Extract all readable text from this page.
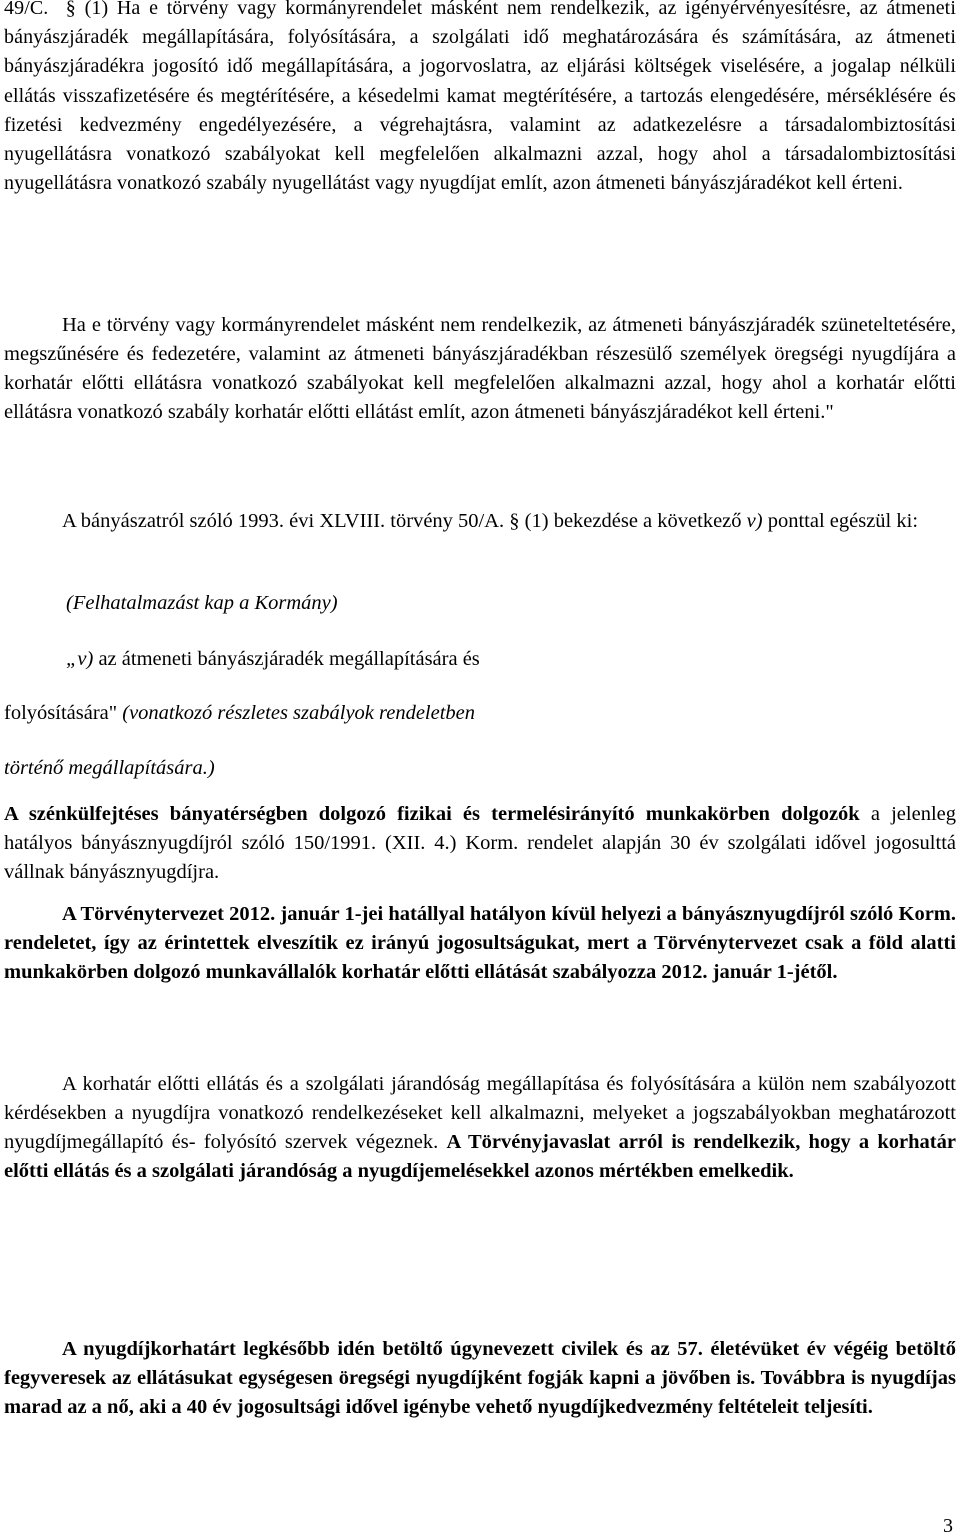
49/C.  § (1) Ha e törvény vagy kormányrendelet másként nem rendelkezik, az igényérvényesítésre, az átmeneti bányászjáradék megállapítására, folyósítására, a szolgálati idő meghatározására és számítására, az átmeneti bányászjáradékra jogosító idő megállapítására, a jogorvoslatra, az eljárási költségek viselésére, a jogalap nélküli ellátás visszafizetésére és megtérítésére, a késedelmi kamat megtérítésére, a tartozás elengedésére, mérséklésére és fizetési kedvezmény engedélyezésére, a végrehajtásra, valamint az adatkezelésre a társadalombiztosítási nyugellátásra vonatkozó szabályokat kell megfelelően alkalmazni azzal, hogy ahol a társadalombiztosítási nyugellátásra vonatkozó szabály nyugellátást vagy nyugdíjat említ, azon átmeneti bányászjáradékot kell érteni.

Ha e törvény vagy kormányrendelet másként nem rendelkezik, az átmeneti bányászjáradék szüneteltetésére, megszűnésére és fedezetére, valamint az átmeneti bányászjáradékban részesülő személyek öregségi nyugdíjára a korhatár előtti ellátásra vonatkozó szabályokat kell megfelelően alkalmazni azzal, hogy ahol a korhatár előtti ellátásra vonatkozó szabály korhatár előtti ellátást említ, azon átmeneti bányászjáradékot kell érteni."

A bányászatról szóló 1993. évi XLVIII. törvény 50/A. § (1) bekezdése a következő v) ponttal egészül ki:

(Felhatalmazást kap a Kormány)

„v) az átmeneti bányászjáradék megállapítására és

folyósítására" (vonatkozó részletes szabályok rendeletben

történő megállapítására.)

A szénkülfejtéses bányatérségben dolgozó fizikai és termelésirányító munkakörben dolgozók a jelenleg hatályos bányásznyugdíjról szóló 150/1991. (XII. 4.) Korm. rendelet alapján 30 év szolgálati idővel jogosulttá vállnak bányásznyugdíjra.

A Törvénytervezet 2012. január 1-jei hatállyal hatályon kívül helyezi a bányásznyugdíjról szóló Korm. rendeletet, így az érintettek elveszítik ez irányú jogosultságukat, mert a Törvénytervezet csak a föld alatti munkakörben dolgozó munkavállalók korhatár előtti ellátását szabályozza 2012. január 1-jétől.

A korhatár előtti ellátás és a szolgálati járandóság megállapítása és folyósítására a külön nem szabályozott kérdésekben a nyugdíjra vonatkozó rendelkezéseket kell alkalmazni, melyeket a jogszabályokban meghatározott nyugdíjmegállapító és- folyósító szervek végeznek. A Törvényjavaslat arról is rendelkezik, hogy a korhatár előtti ellátás és a szolgálati járandóság a nyugdíjemelésekkel azonos mértékben emelkedik.

A nyugdíjkorhatárt legkésőbb idén betöltő úgynevezett civilek és az 57. életévüket év végéig betöltő fegyveresek az ellátásukat egységesen öregségi nyugdíjként fogják kapni a jövőben is. Továbbra is nyugdíjas marad az a nő, aki a 40 év jogosultsági idővel igénybe vehető nyugdíjkedvezmény feltételeit teljesíti.

3
